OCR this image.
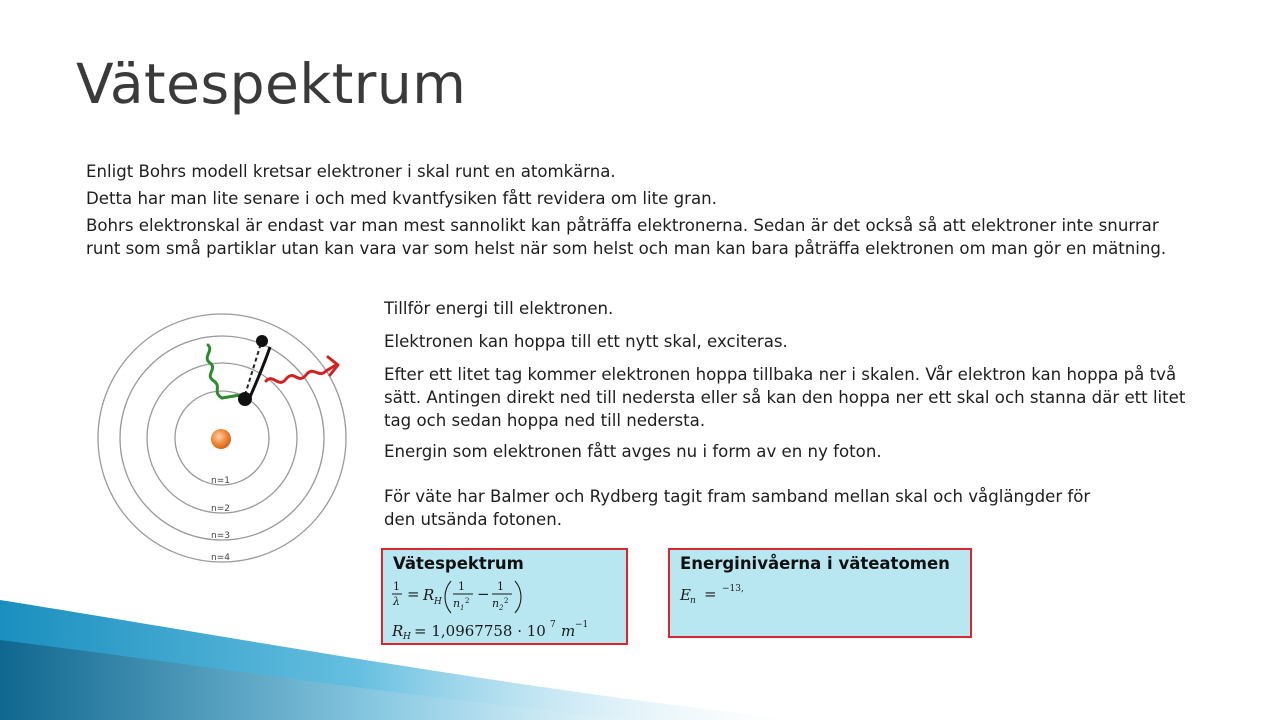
Vätespektrum

Enligt Bohrs modell kretsar elektroner i skal runt en atomkärna.

Detta har man lite senare i och med kvantfysiken fått revidera om lite gran.

Bohrs elektronskal är endast var man mest sannolikt kan påträffa elektronerna. Sedan är det också så att elektroner inte snurrar runt som små partiklar utan kan vara var som helst när som helst och man kan bara påträffa elektronen om man gör en mätning.

Tillför energi till elektronen.

Elektronen kan hoppa till ett nytt skal, exciteras.

Efter ett litet tag kommer elektronen hoppa tillbaka ner i skalen. Vår elektron kan hoppa på två sätt. Antingen direkt ned till nedersta eller så kan den hoppa ner ett skal och stanna där ett litet tag och sedan hoppa ned till nedersta.

Energin som elektronen fått avges nu i form av en ny foton.

För väte har Balmer och Rydberg tagit fram samband mellan skal och våglängder för den utsända fotonen.

n=1
n=2
n=3
n=4	Vätespektrum
1
λ = R H
1
n 1
2 − 1
n 2
2
R H = 1,0967758 · 10 7 m −1
Energinivåerna i väteatomen
E n = −13,
